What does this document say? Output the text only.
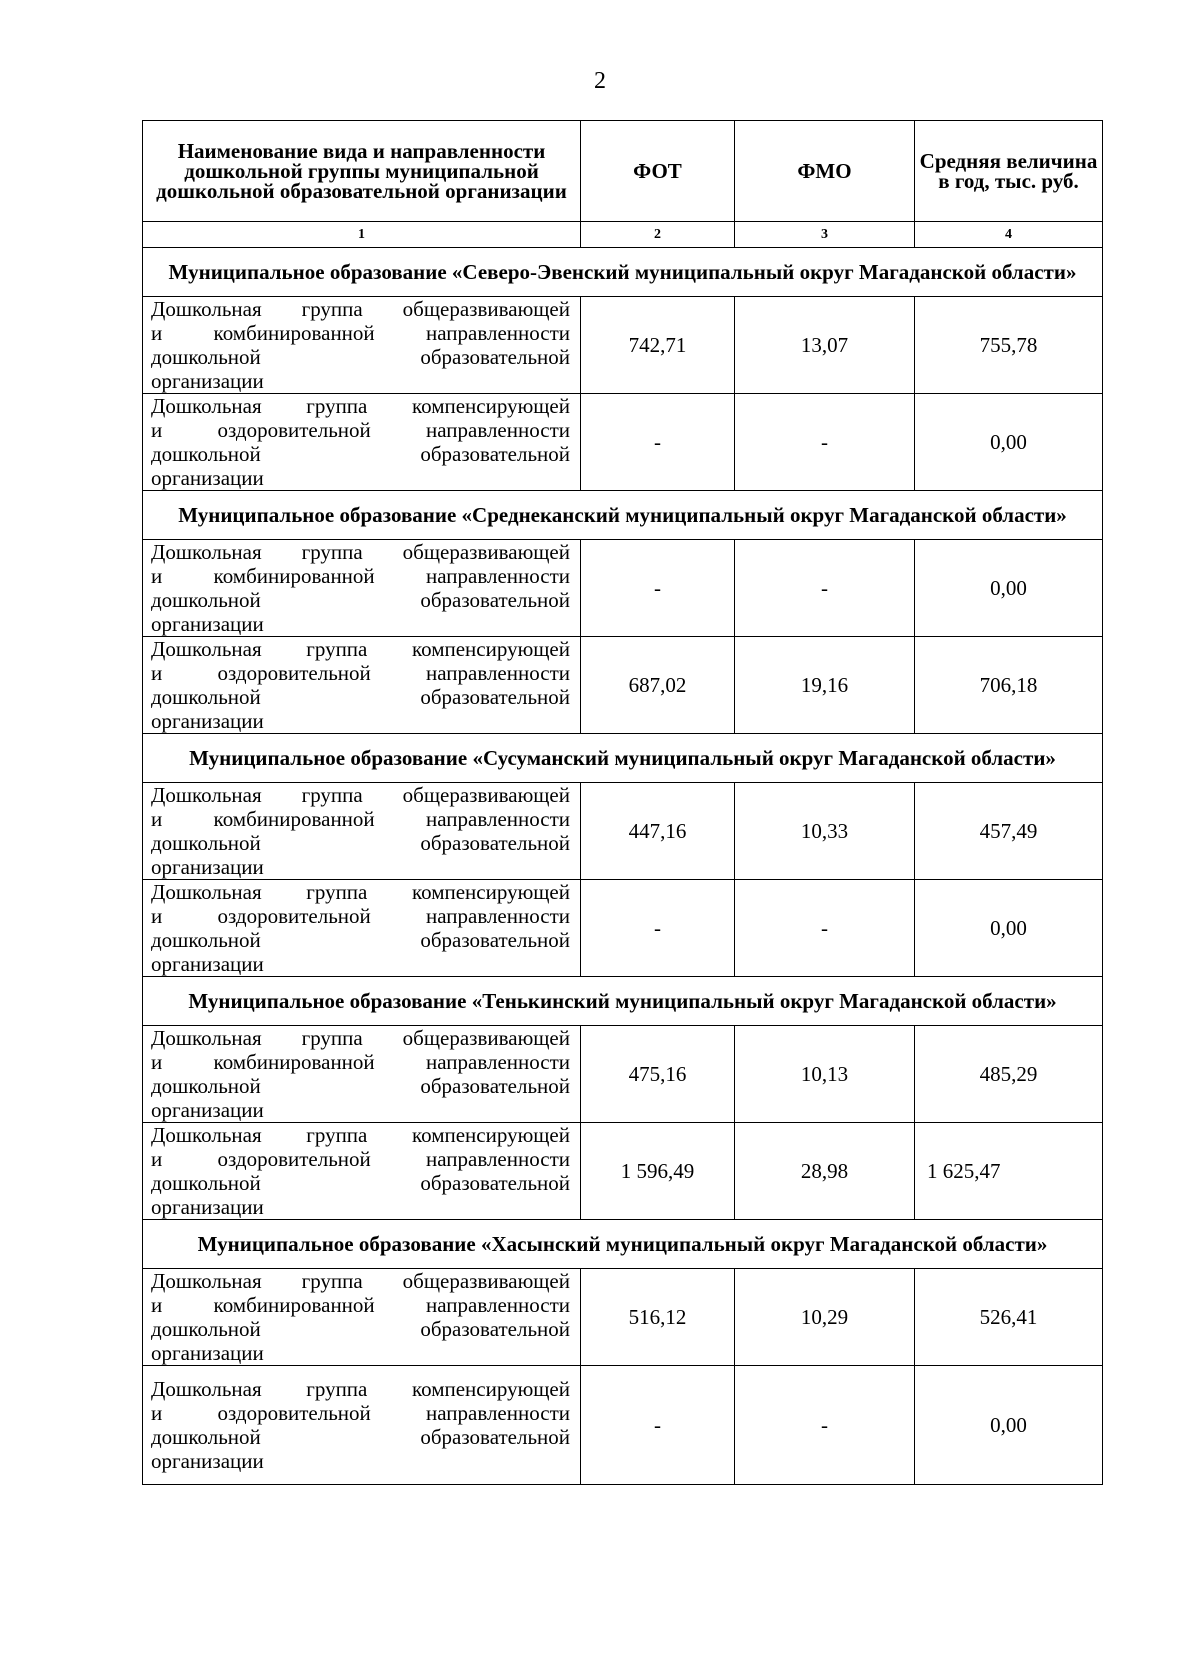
2
Наименование вида и направленности дошкольной группы муниципальной дошкольной образовательной организации	ФОТ	ФМО	Средняя величина в год, тыс. руб.
1	2	3	4
Муниципальное образование «Северо-Эвенский муниципальный округ Магаданской области»			

Дошкольная группа общеразвивающей
и комбинированной направленности
дошкольной образовательной
организации	742,71	13,07	755,78

Дошкольная группа компенсирующей
и оздоровительной направленности
дошкольной образовательной
организации	-	-	0,00
Муниципальное образование «Среднеканский муниципальный округ Магаданской области»			

Дошкольная группа общеразвивающей
и комбинированной направленности
дошкольной образовательной
организации	-	-	0,00

Дошкольная группа компенсирующей
и оздоровительной направленности
дошкольной образовательной
организации	687,02	19,16	706,18
Муниципальное образование «Сусуманский муниципальный округ Магаданской области»			

Дошкольная группа общеразвивающей
и комбинированной направленности
дошкольной образовательной
организации	447,16	10,33	457,49

Дошкольная группа компенсирующей
и оздоровительной направленности
дошкольной образовательной
организации	-	-	0,00
Муниципальное образование «Тенькинский муниципальный округ Магаданской области»			

Дошкольная группа общеразвивающей
и комбинированной направленности
дошкольной образовательной
организации	475,16	10,13	485,29

Дошкольная группа компенсирующей
и оздоровительной направленности
дошкольной образовательной
организации	1 596,49	28,98	1 625,47
Муниципальное образование «Хасынский муниципальный округ Магаданской области»			

Дошкольная группа общеразвивающей
и комбинированной направленности
дошкольной образовательной
организации	516,12	10,29	526,41

Дошкольная группа компенсирующей
и оздоровительной направленности
дошкольной образовательной
организации	-	-	0,00
